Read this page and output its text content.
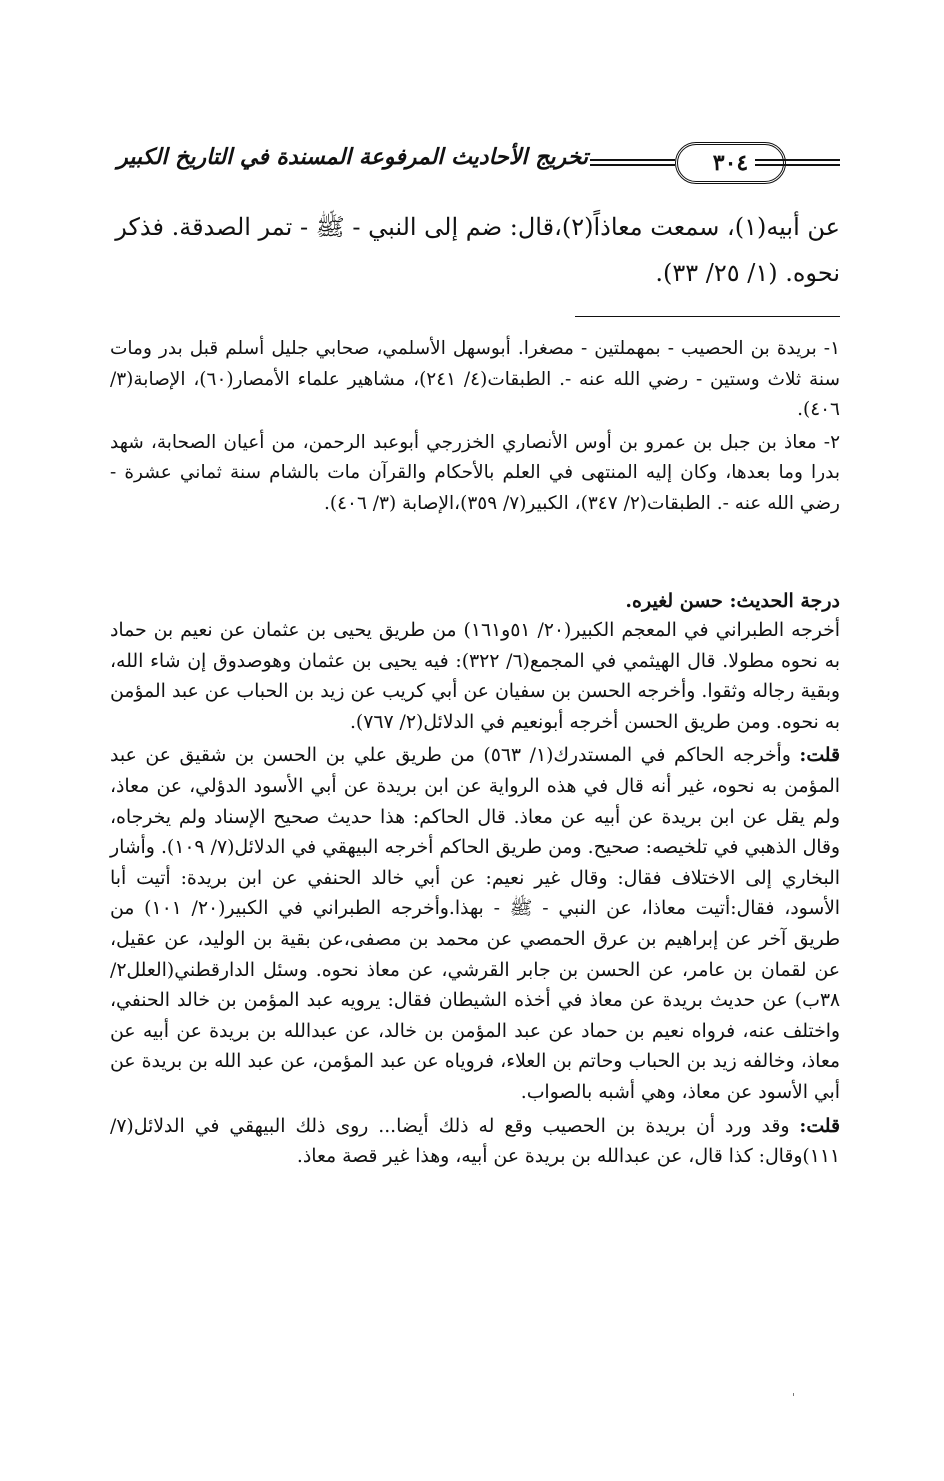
تخريج الأحاديث المرفوعة المسندة في التاريخ الكبير	٣٠٤

عن أبيه(١)، سمعت معاذاً(٢)،قال: ضم إلى النبي - ﷺ - تمر الصدقة. فذكر

نحوه. (١/ ٢٥/ ٣٣).

١- بريدة بن الحصيب - بمهملتين - مصغرا. أبوسهل الأسلمي، صحابي جليل أسلم قبل بدر ومات سنة ثلاث وستين - رضي الله عنه -. الطبقات(٤/ ٢٤١)، مشاهير علماء الأمصار(٦٠)، الإصابة(٣/ ٤٠٦).

٢- معاذ بن جبل بن عمرو بن أوس الأنصاري الخزرجي أبوعبد الرحمن، من أعيان الصحابة، شهد بدرا وما بعدها، وكان إليه المنتهى في العلم بالأحكام والقرآن مات بالشام سنة ثماني عشرة - رضي الله عنه -. الطبقات(٢/ ٣٤٧)، الكبير(٧/ ٣٥٩)،الإصابة (٣/ ٤٠٦).

درجة الحديث: حسن لغيره.

أخرجه الطبراني في المعجم الكبير(٢٠/ ٥١و١٦١) من طريق يحيى بن عثمان عن نعيم بن حماد به نحوه مطولا. قال الهيثمي في المجمع(٦/ ٣٢٢): فيه يحيى بن عثمان وهوصدوق إن شاء الله، وبقية رجاله وثقوا. وأخرجه الحسن بن سفيان عن أبي كريب عن زيد بن الحباب عن عبد المؤمن به نحوه. ومن طريق الحسن أخرجه أبونعيم في الدلائل(٢/ ٧٦٧).

قلت: وأخرجه الحاكم في المستدرك(١/ ٥٦٣) من طريق علي بن الحسن بن شقيق عن عبد المؤمن به نحوه، غير أنه قال في هذه الرواية عن ابن بريدة عن أبي الأسود الدؤلي، عن معاذ، ولم يقل عن ابن بريدة عن أبيه عن معاذ. قال الحاكم: هذا حديث صحيح الإسناد ولم يخرجاه، وقال الذهبي في تلخيصه: صحيح. ومن طريق الحاكم أخرجه البيهقي في الدلائل(٧/ ١٠٩). وأشار البخاري إلى الاختلاف فقال: وقال غير نعيم: عن أبي خالد الحنفي عن ابن بريدة: أتيت أبا الأسود، فقال:أتيت معاذا، عن النبي - ﷺ - بهذا.وأخرجه الطبراني في الكبير(٢٠/ ١٠١) من طريق آخر عن إبراهيم بن عرق الحمصي عن محمد بن مصفى،عن بقية بن الوليد، عن عقيل، عن لقمان بن عامر، عن الحسن بن جابر القرشي، عن معاذ نحوه. وسئل الدارقطني(العلل٢/ ٣٨ب) عن حديث بريدة عن معاذ في أخذه الشيطان فقال: يرويه عبد المؤمن بن خالد الحنفي، واختلف عنه، فرواه نعيم بن حماد عن عبد المؤمن بن خالد، عن عبدالله بن بريدة عن أبيه عن معاذ، وخالفه زيد بن الحباب وحاتم بن العلاء، فروياه عن عبد المؤمن، عن عبد الله بن بريدة عن أبي الأسود عن معاذ، وهي أشبه بالصواب.

قلت: وقد ورد أن بريدة بن الحصيب وقع له ذلك أيضا... روى ذلك البيهقي في الدلائل(٧/ ١١١)وقال: كذا قال، عن عبدالله بن بريدة عن أبيه، وهذا غير قصة معاذ.
